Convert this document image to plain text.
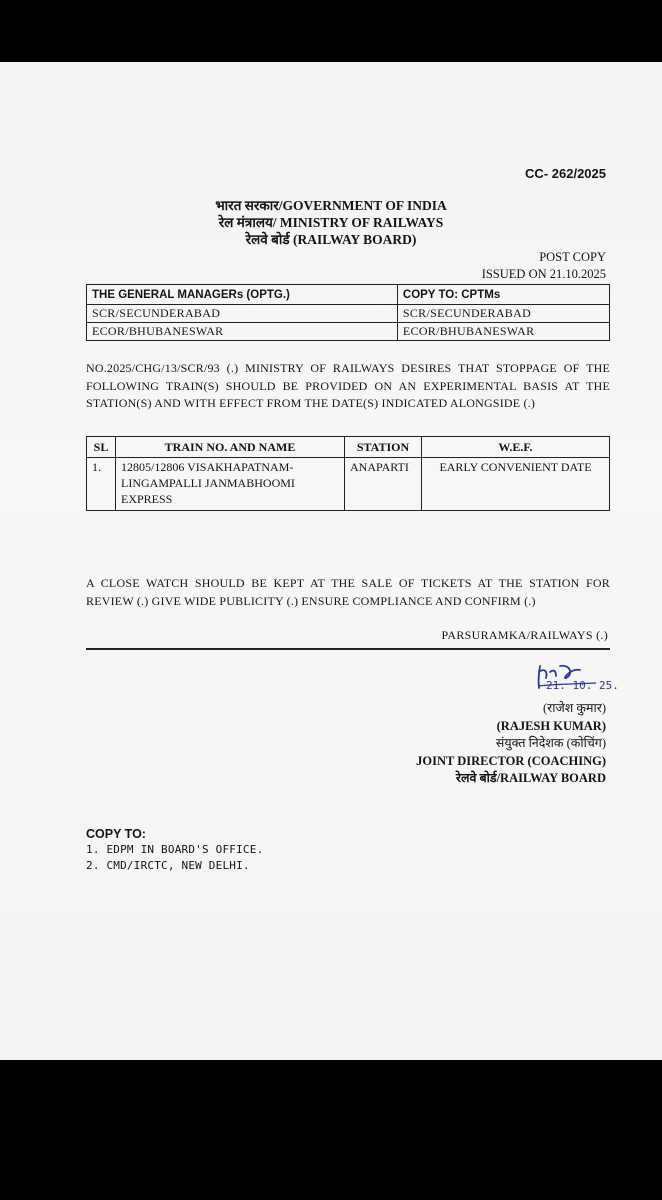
CC- 262/2025
भारत सरकार/GOVERNMENT OF INDIA
रेल मंत्रालय/ MINISTRY OF RAILWAYS
रेलवे बोर्ड (RAILWAY BOARD)
POST COPY
ISSUED ON 21.10.2025
THE GENERAL MANAGERs (OPTG.)	COPY TO: CPTMs
SCR/SECUNDERABAD	SCR/SECUNDERABAD
ECOR/BHUBANESWAR	ECOR/BHUBANESWAR
NO.2025/CHG/13/SCR/93 (.) MINISTRY OF RAILWAYS DESIRES THAT STOPPAGE OF THE FOLLOWING TRAIN(S) SHOULD BE PROVIDED ON AN EXPERIMENTAL BASIS AT THE STATION(S) AND WITH EFFECT FROM THE DATE(S) INDICATED ALONGSIDE (.)
SL	TRAIN NO. AND NAME	STATION	W.E.F.
1.	12805/12806 VISAKHAPATNAM-LINGAMPALLI JANMABHOOMI EXPRESS	ANAPARTI	EARLY CONVENIENT DATE
A CLOSE WATCH SHOULD BE KEPT AT THE SALE OF TICKETS AT THE STATION FOR REVIEW (.) GIVE WIDE PUBLICITY (.) ENSURE COMPLIANCE AND CONFIRM (.)
PARSURAMKA/RAILWAYS (.)
21. 10. 25.
(राजेश कुमार)
(RAJESH KUMAR)
संयुक्त निदेशक (कोचिंग)
JOINT DIRECTOR (COACHING)
रेलवे बोर्ड/RAILWAY BOARD
COPY TO:
1. EDPM IN BOARD'S OFFICE.
2. CMD/IRCTC, NEW DELHI.
